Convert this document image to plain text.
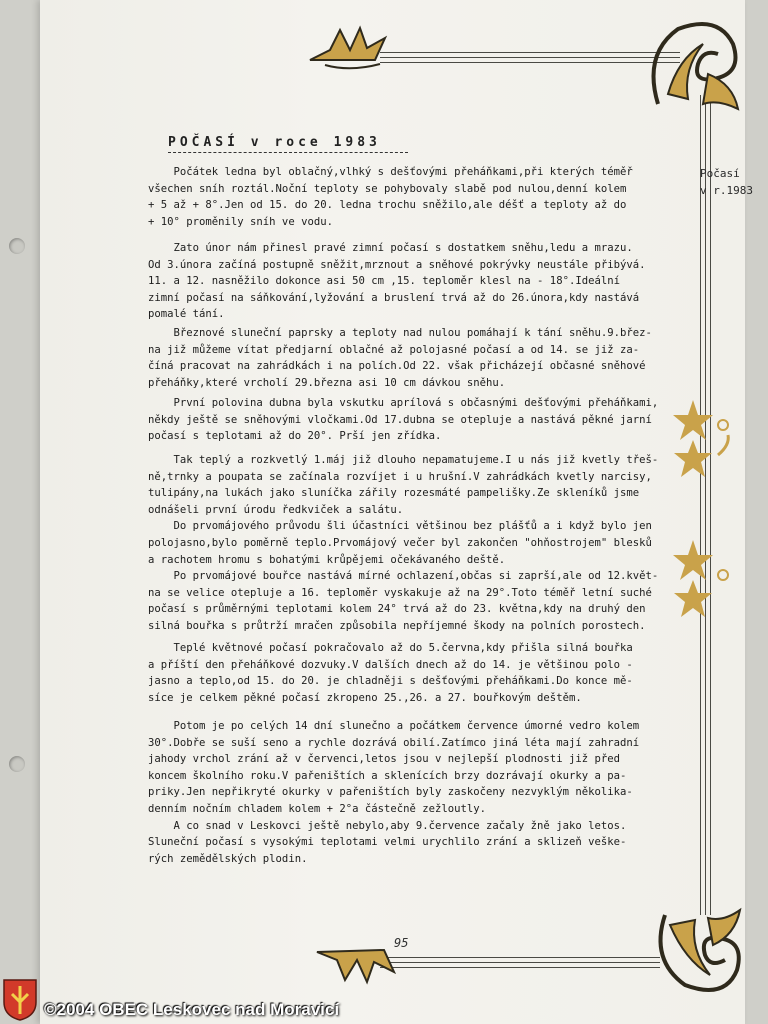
POČASÍ v roce 1983
Počasí
v r.1983
Počátek ledna byl oblačný,vlhký s dešťovými přeháňkami,při kterých téměř
všechen sníh roztál.Noční teploty se pohybovaly slabě pod nulou,denní kolem
+ 5 až + 8°.Jen od 15. do 20. ledna trochu sněžilo,ale déšť a teploty až do
+ 10° proměnily sníh ve vodu.
Zato únor nám přinesl pravé zimní počasí s dostatkem sněhu,ledu a mrazu.
Od 3.února začíná postupně sněžit,mrznout a sněhové pokrývky neustále přibývá.
11. a 12. nasněžilo dokonce asi 50 cm ,15. teploměr klesl na - 18°.Ideální
zimní počasí na sáňkování,lyžování a bruslení trvá až do 26.února,kdy nastává
pomalé tání.
Březnové sluneční paprsky a teploty nad nulou pomáhají k tání sněhu.9.břez-
na již můžeme vítat předjarní oblačné až polojasné počasí a od 14. se již za-
číná pracovat na zahrádkách i na polích.Od 22. však přicházejí občasné sněhové
přeháňky,které vrcholí 29.března asi 10 cm dávkou sněhu.
První polovina dubna byla vskutku aprílová s občasnými dešťovými přeháňkami,
někdy ještě se sněhovými vločkami.Od 17.dubna se otepluje a nastává pěkné jarní
počasí s teplotami až do 20°. Prší jen zřídka.
Tak teplý a rozkvetlý 1.máj již dlouho nepamatujeme.I u nás již kvetly třeš-
ně,trnky a poupata se začínala rozvíjet i u hrušní.V zahrádkách kvetly narcisy,
tulipány,na lukách jako sluníčka zářily rozesmáté pampelišky.Ze skleníků jsme
odnášeli první úrodu ředkviček a salátu.
Do prvomájového průvodu šli účastníci většinou bez plášťů a i když bylo jen
polojasno,bylo poměrně teplo.Prvomájový večer byl zakončen "ohňostrojem" blesků
a rachotem hromu s bohatými krůpějemi očekávaného deště.
Po prvomájové bouřce nastává mírné ochlazení,občas si zaprší,ale od 12.květ-
na se velice otepluje a 16. teploměr vyskakuje až na 29°.Toto téměř letní suché
počasí s průměrnými teplotami kolem 24° trvá až do 23. května,kdy na druhý den
silná bouřka s průtrží mračen způsobila nepříjemné škody na polních porostech.
Teplé květnové počasí pokračovalo až do 5.června,kdy přišla silná bouřka
a příští den přeháňkové dozvuky.V dalších dnech až do 14. je většinou polo -
jasno a teplo,od 15. do 20. je chladněji s dešťovými přeháňkami.Do konce mě-
síce je celkem pěkné počasí zkropeno 25.,26. a 27. bouřkovým deštěm.
Potom je po celých 14 dní slunečno a počátkem července úmorné vedro kolem
30°.Dobře se suší seno a rychle dozrává obilí.Zatímco jiná léta mají zahradní
jahody vrchol zrání až v červenci,letos jsou v nejlepší plodnosti již před
koncem školního roku.V pařeništích a sklenících brzy dozrávají okurky a pa-
priky.Jen nepřikryté okurky v pařeništích byly zaskočeny nezvyklým několika-
denním nočním chladem kolem + 2°a částečně zežloutly.
A co snad v Leskovci ještě nebylo,aby 9.července začaly žně jako letos.
Sluneční počasí s vysokými teplotami velmi urychlilo zrání a sklizeň veške-
rých zemědělských plodin.
95
©2004 OBEC Leskovec nad Moravicí
